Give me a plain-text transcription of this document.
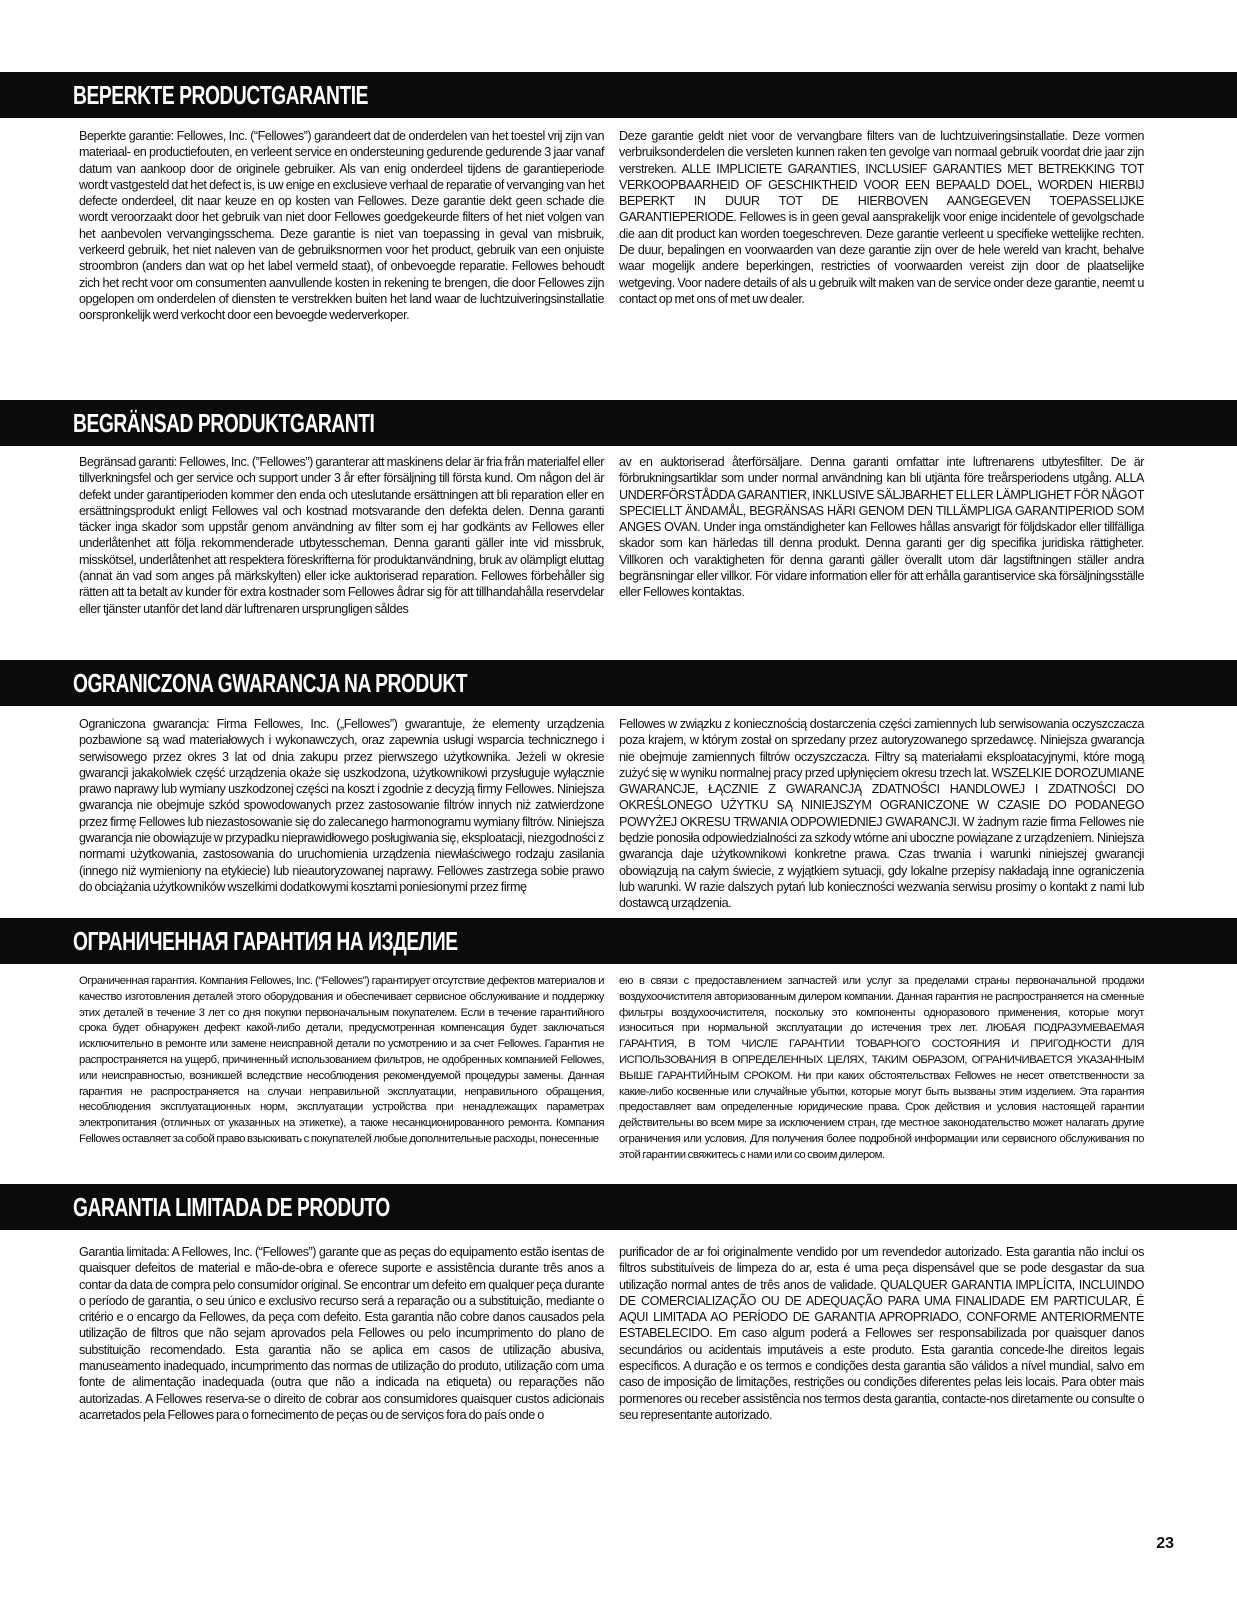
BEPERKTE PRODUCTGARANTIE
Beperkte garantie: Fellowes, Inc. (“Fellowes”) garandeert dat de onderdelen van het toestel vrij zijn van materiaal- en productiefouten, en verleent service en ondersteuning gedurende gedurende 3 jaar vanaf datum van aankoop door de originele gebruiker. Als van enig onderdeel tijdens de garantieperiode wordt vastgesteld dat het defect is, is uw enige en exclusieve verhaal de reparatie of vervanging van het defecte onderdeel, dit naar keuze en op kosten van Fellowes. Deze garantie dekt geen schade die wordt veroorzaakt door het gebruik van niet door Fellowes goedgekeurde filters of het niet volgen van het aanbevolen vervangingsschema. Deze garantie is niet van toepassing in geval van misbruik, verkeerd gebruik, het niet naleven van de gebruiksnormen voor het product, gebruik van een onjuiste stroombron (anders dan wat op het label vermeld staat), of onbevoegde reparatie. Fellowes behoudt zich het recht voor om consumenten aanvullende kosten in rekening te brengen, die door Fellowes zijn opgelopen om onderdelen of diensten te verstrekken buiten het land waar de luchtzuiveringsinstallatie oorspronkelijk werd verkocht door een bevoegde wederverkoper.
Deze garantie geldt niet voor de vervangbare filters van de luchtzuiveringsinstallatie. Deze vormen verbruiksonderdelen die versleten kunnen raken ten gevolge van normaal gebruik voordat drie jaar zijn verstreken. ALLE IMPLICIETE GARANTIES, INCLUSIEF GARANTIES MET BETREKKING TOT VERKOOPBAARHEID OF GESCHIKTHEID VOOR EEN BEPAALD DOEL, WORDEN HIERBIJ BEPERKT IN DUUR TOT DE HIERBOVEN AANGEGEVEN TOEPASSELIJKE GARANTIEPERIODE. Fellowes is in geen geval aansprakelijk voor enige incidentele of gevolgschade die aan dit product kan worden toegeschreven. Deze garantie verleent u specifieke wettelijke rechten. De duur, bepalingen en voorwaarden van deze garantie zijn over de hele wereld van kracht, behalve waar mogelijk andere beperkingen, restricties of voorwaarden vereist zijn door de plaatselijke wetgeving. Voor nadere details of als u gebruik wilt maken van de service onder deze garantie, neemt u contact op met ons of met uw dealer.
BEGRÄNSAD PRODUKTGARANTI
Begränsad garanti: Fellowes, Inc. (”Fellowes”) garanterar att maskinens delar är fria från materialfel eller tillverkningsfel och ger service och support under 3 år efter försäljning till första kund. Om någon del är defekt under garantiperioden kommer den enda och uteslutande ersättningen att bli reparation eller en ersättningsprodukt enligt Fellowes val och kostnad motsvarande den defekta delen. Denna garanti täcker inga skador som uppstår genom användning av filter som ej har godkänts av Fellowes eller underlåtenhet att följa rekommenderade utbytesscheman. Denna garanti gäller inte vid missbruk, misskötsel, underlåtenhet att respektera föreskrifterna för produktanvändning, bruk av olämpligt eluttag (annat än vad som anges på märkskylten) eller icke auktoriserad reparation. Fellowes förbehåller sig rätten att ta betalt av kunder för extra kostnader som Fellowes ådrar sig för att tillhandahålla reservdelar eller tjänster utanför det land där luftrenaren ursprungligen såldes
av en auktoriserad återförsäljare. Denna garanti omfattar inte luftrenarens utbytesfilter. De är förbrukningsartiklar som under normal användning kan bli utjänta före treårsperiodens utgång. ALLA UNDERFÖRSTÅDDA GARANTIER, INKLUSIVE SÄLJBARHET ELLER LÄMPLIGHET FÖR NÅGOT SPECIELLT ÄNDAMÅL, BEGRÄNSAS HÄRI GENOM DEN TILLÄMPLIGA GARANTIPERIOD SOM ANGES OVAN. Under inga omständigheter kan Fellowes hållas ansvarigt för följdskador eller tillfälliga skador som kan härledas till denna produkt. Denna garanti ger dig specifika juridiska rättigheter. Villkoren och varaktigheten för denna garanti gäller överallt utom där lagstiftningen ställer andra begränsningar eller villkor. För vidare information eller för att erhålla garantiservice ska försäljningsställe eller Fellowes kontaktas.
OGRANICZONA GWARANCJA NA PRODUKT
Ograniczona gwarancja: Firma Fellowes, Inc. („Fellowes”) gwarantuje, że elementy urządzenia pozbawione są wad materiałowych i wykonawczych, oraz zapewnia usługi wsparcia technicznego i serwisowego przez okres 3 lat od dnia zakupu przez pierwszego użytkownika. Jeżeli w okresie gwarancji jakakolwiek część urządzenia okaże się uszkodzona, użytkownikowi przysługuje wyłącznie prawo naprawy lub wymiany uszkodzonej części na koszt i zgodnie z decyzją firmy Fellowes. Niniejsza gwarancja nie obejmuje szkód spowodowanych przez zastosowanie filtrów innych niż zatwierdzone przez firmę Fellowes lub niezastosowanie się do zalecanego harmonogramu wymiany filtrów. Niniejsza gwarancja nie obowiązuje w przypadku nieprawidłowego posługiwania się, eksploatacji, niezgodności z normami użytkowania, zastosowania do uruchomienia urządzenia niewłaściwego rodzaju zasilania (innego niż wymieniony na etykiecie) lub nieautoryzowanej naprawy. Fellowes zastrzega sobie prawo do obciążania użytkowników wszelkimi dodatkowymi kosztami poniesionymi przez firmę
Fellowes w związku z koniecznością dostarczenia części zamiennych lub serwisowania oczyszczacza poza krajem, w którym został on sprzedany przez autoryzowanego sprzedawcę. Niniejsza gwarancja nie obejmuje zamiennych filtrów oczyszczacza. Filtry są materiałami eksploatacyjnymi, które mogą zużyć się w wyniku normalnej pracy przed upłynięciem okresu trzech lat. WSZELKIE DOROZUMIANE GWARANCJE, ŁĄCZNIE Z GWARANCJĄ ZDATNOŚCI HANDLOWEJ I ZDATNOŚCI DO OKREŚLONEGO UŻYTKU SĄ NINIEJSZYM OGRANICZONE W CZASIE DO PODANEGO POWYŻEJ OKRESU TRWANIA ODPOWIEDNIEJ GWARANCJI. W żadnym razie firma Fellowes nie będzie ponosiła odpowiedzialności za szkody wtórne ani uboczne powiązane z urządzeniem. Niniejsza gwarancja daje użytkownikowi konkretne prawa. Czas trwania i warunki niniejszej gwarancji obowiązują na całym świecie, z wyjątkiem sytuacji, gdy lokalne przepisy nakładają inne ograniczenia lub warunki. W razie dalszych pytań lub konieczności wezwania serwisu prosimy o kontakt z nami lub dostawcą urządzenia.
ОГРАНИЧЕННАЯ ГАРАНТИЯ НА ИЗДЕЛИЕ
Ограниченная гарантия. Компания Fellowes, Inc. (“Fellowes”) гарантирует отсутствие дефектов материалов и качество изготовления деталей этого оборудования и обеспечивает сервисное обслуживание и поддержку этих деталей в течение 3 лет со дня покупки первоначальным покупателем. Если в течение гарантийного срока будет обнаружен дефект какой-либо детали, предусмотренная компенсация будет заключаться исключительно в ремонте или замене неисправной детали по усмотрению и за счет Fellowes. Гарантия не распространяется на ущерб, причиненный использованием фильтров, не одобренных компанией Fellowes, или неисправностью, возникшей вследствие несоблюдения рекомендуемой процедуры замены. Данная гарантия не распространяется на случаи неправильной эксплуатации, неправильного обращения, несоблюдения эксплуатационных норм, эксплуатации устройства при ненадлежащих параметрах электропитания (отличных от указанных на этикетке), а также несанкционированного ремонта. Компания Fellowes оставляет за собой право взыскивать с покупателей любые дополнительные расходы, понесенные
ею в связи с предоставлением запчастей или услуг за пределами страны первоначальной продажи воздухоочистителя авторизованным дилером компании. Данная гарантия не распространяется на сменные фильтры воздухоочистителя, поскольку это компоненты одноразового применения, которые могут износиться при нормальной эксплуатации до истечения трех лет. ЛЮБАЯ ПОДРАЗУМЕВАЕМАЯ ГАРАНТИЯ, В ТОМ ЧИСЛЕ ГАРАНТИИ ТОВАРНОГО СОСТОЯНИЯ И ПРИГОДНОСТИ ДЛЯ ИСПОЛЬЗОВАНИЯ В ОПРЕДЕЛЕННЫХ ЦЕЛЯХ, ТАКИМ ОБРАЗОМ, ОГРАНИЧИВАЕТСЯ УКАЗАННЫМ ВЫШЕ ГАРАНТИЙНЫМ СРОКОМ. Ни при каких обстоятельствах Fellowes не несет ответственности за какие-либо косвенные или случайные убытки, которые могут быть вызваны этим изделием. Эта гарантия предоставляет вам определенные юридические права. Срок действия и условия настоящей гарантии действительны во всем мире за исключением стран, где местное законодательство может налагать другие ограничения или условия. Для получения более подробной информации или сервисного обслуживания по этой гарантии свяжитесь с нами или со своим дилером.
GARANTIA LIMITADA DE PRODUTO
Garantia limitada: A Fellowes, Inc. (“Fellowes”) garante que as peças do equipamento estão isentas de quaisquer defeitos de material e mão-de-obra e oferece suporte e assistência durante três anos a contar da data de compra pelo consumidor original. Se encontrar um defeito em qualquer peça durante o período de garantia, o seu único e exclusivo recurso será a reparação ou a substituição, mediante o critério e o encargo da Fellowes, da peça com defeito. Esta garantia não cobre danos causados pela utilização de filtros que não sejam aprovados pela Fellowes ou pelo incumprimento do plano de substituição recomendado. Esta garantia não se aplica em casos de utilização abusiva, manuseamento inadequado, incumprimento das normas de utilização do produto, utilização com uma fonte de alimentação inadequada (outra que não a indicada na etiqueta) ou reparações não autorizadas. A Fellowes reserva-se o direito de cobrar aos consumidores quaisquer custos adicionais acarretados pela Fellowes para o fornecimento de peças ou de serviços fora do país onde o
purificador de ar foi originalmente vendido por um revendedor autorizado. Esta garantia não inclui os filtros substituíveis de limpeza do ar, esta é uma peça dispensável que se pode desgastar da sua utilização normal antes de três anos de validade. QUALQUER GARANTIA IMPLÍCITA, INCLUINDO DE COMERCIALIZAÇÃO OU DE ADEQUAÇÃO PARA UMA FINALIDADE EM PARTICULAR, É AQUI LIMITADA AO PERÍODO DE GARANTIA APROPRIADO, CONFORME ANTERIORMENTE ESTABELECIDO. Em caso algum poderá a Fellowes ser responsabilizada por quaisquer danos secundários ou acidentais imputáveis a este produto. Esta garantia concede-lhe direitos legais específicos. A duração e os termos e condições desta garantia são válidos a nível mundial, salvo em caso de imposição de limitações, restrições ou condições diferentes pelas leis locais. Para obter mais pormenores ou receber assistência nos termos desta garantia, contacte-nos diretamente ou consulte o seu representante autorizado.
23
